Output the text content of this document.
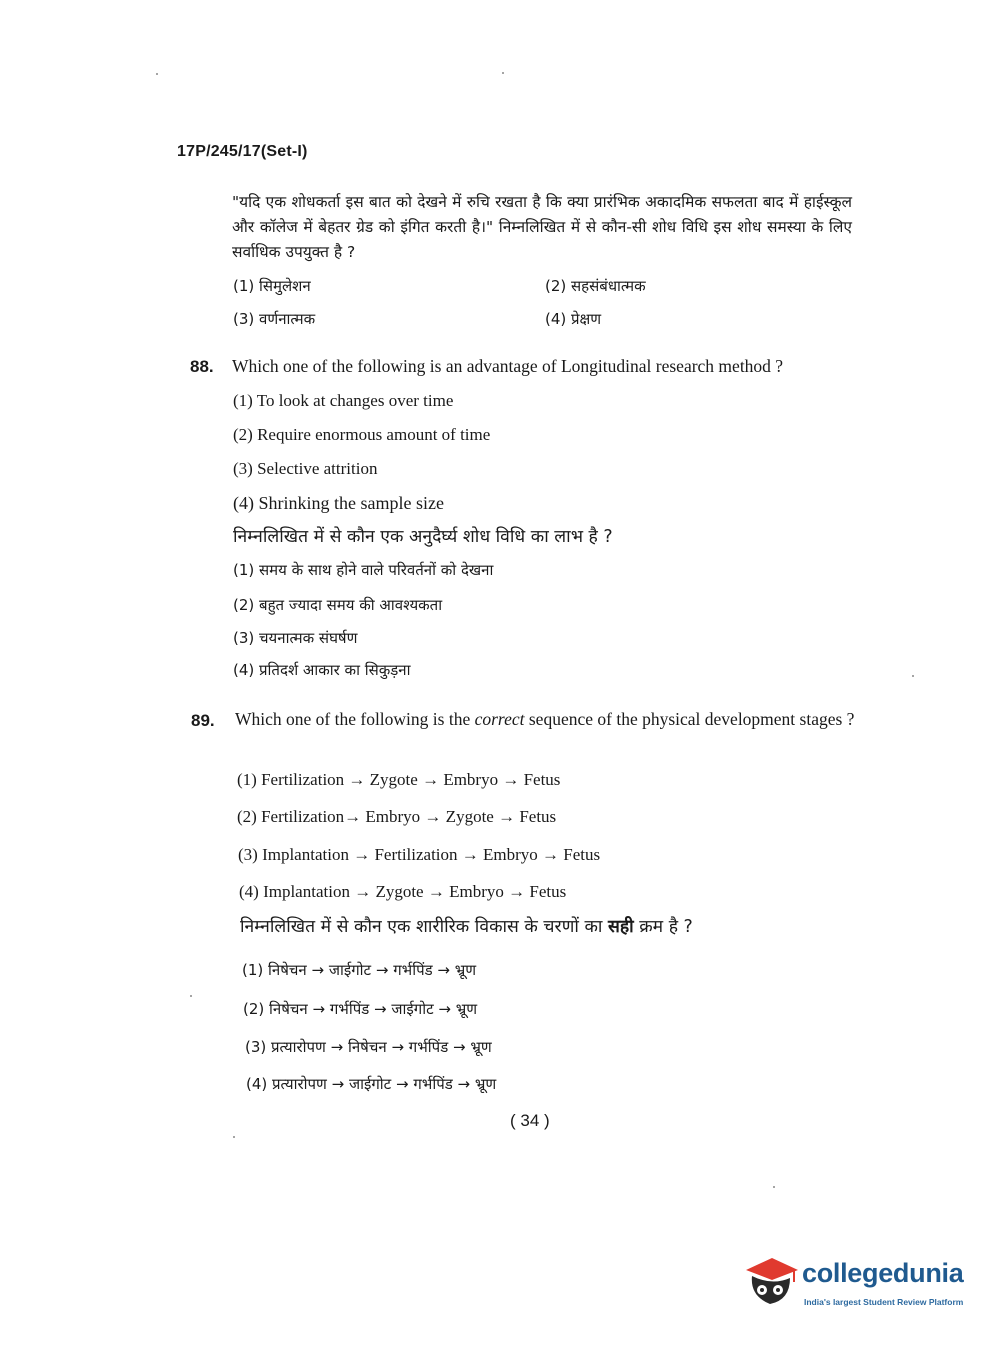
17P/245/17(Set-I)
"यदि एक शोधकर्ता इस बात को देखने में रुचि रखता है कि क्या प्रारंभिक अकादमिक सफलता बाद में हाईस्कूल और कॉलेज में बेहतर ग्रेड को इंगित करती है।" निम्नलिखित में से कौन-सी शोध विधि इस शोध समस्या के लिए सर्वाधिक उपयुक्त है ?
(1) सिमुलेशन	(2) सहसंबंधात्मक
(3) वर्णनात्मक	(4) प्रेक्षण
88. Which one of the following is an advantage of Longitudinal research method ?
(1) To look at changes over time
(2) Require enormous amount of time
(3) Selective attrition
(4) Shrinking the sample size
निम्नलिखित में से कौन एक अनुदैर्घ्य शोध विधि का लाभ है ?
(1) समय के साथ होने वाले परिवर्तनों को देखना
(2) बहुत ज्यादा समय की आवश्यकता
(3) चयनात्मक संघर्षण
(4) प्रतिदर्श आकार का सिकुड़ना
89. Which one of the following is the correct sequence of the physical development stages ?
(1) Fertilization → Zygote → Embryo → Fetus
(2) Fertilization→ Embryo → Zygote → Fetus
(3) Implantation → Fertilization → Embryo → Fetus
(4) Implantation → Zygote → Embryo → Fetus
निम्नलिखित में से कौन एक शारीरिक विकास के चरणों का सही क्रम है ?
(1) निषेचन → जाईगोट → गर्भपिंड → भ्रूण
(2) निषेचन → गर्भपिंड → जाईगोट → भ्रूण
(3) प्रत्यारोपण → निषेचन → गर्भपिंड → भ्रूण
(4) प्रत्यारोपण → जाईगोट → गर्भपिंड → भ्रूण
( 34 )
collegedunia
India's largest Student Review Platform
